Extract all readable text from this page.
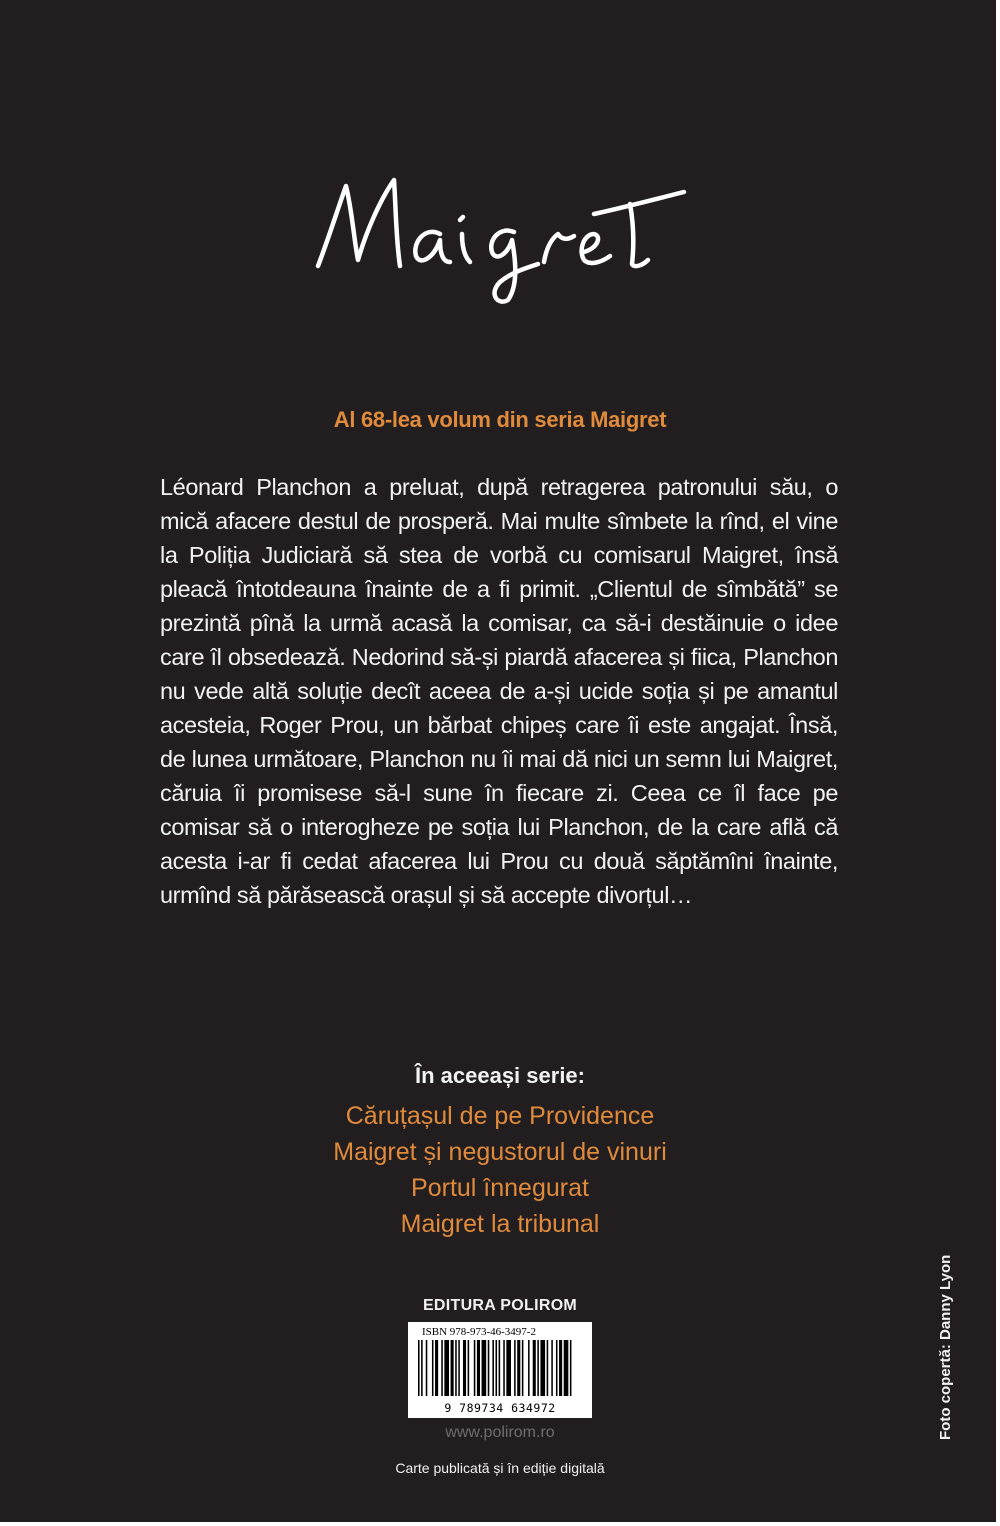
Al 68-lea volum din seria Maigret

Léonard Planchon a preluat, după retragerea patronului său, o mică afacere destul de prosperă. Mai multe sîmbete la rînd, el vine la Poliția Judiciară să stea de vorbă cu comisarul Maigret, însă pleacă întotdeauna înainte de a fi primit. „Clientul de sîmbătă” se prezintă pînă la urmă acasă la comisar, ca să-i destăinuie o idee care îl obsedează. Nedorind să-și piardă afacerea și fiica, Planchon nu vede altă soluție decît aceea de a-și ucide soția și pe amantul acesteia, Roger Prou, un bărbat chipeș care îi este angajat. Însă, de lunea următoare, Planchon nu îi mai dă nici un semn lui Maigret, căruia îi promisese să-l sune în fiecare zi. Ceea ce îl face pe comisar să o interogheze pe soția lui Planchon, de la care află că acesta i-ar fi cedat afacerea lui Prou cu două săptămîni înainte, urmînd să părăsească orașul și să accepte divorțul…

În aceeași serie:
Căruțașul de pe Providence
Maigret și negustorul de vinuri
Portul înnegurat
Maigret la tribunal
EDITURA POLIROM
ISBN 978-973-46-3497-2
9 789734 634972
www.polirom.ro
Carte publicată și în ediție digitală
Foto copertă: Danny Lyon
